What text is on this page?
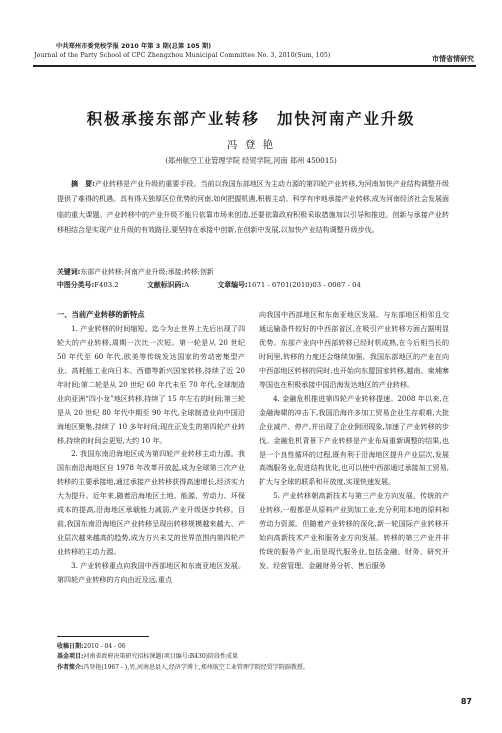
中共郑州市委党校学报 2010 年第 3 期(总第 105 期)
Journal of the Party School of CPC Zhengzhou Municipal Committee No. 3, 2010(Sum, 105)	市情省情研究
积极承接东部产业转移　加快河南产业升级
冯 登 艳
(郑州航空工业管理学院 经贸学院,河南 郑州 450015)
摘　要:产业转移是产业升级的重要手段。当前以我国东部地区为主动力源的第四轮产业转移,为河南加快产业结构调整升级提供了难得的机遇。具有得天独厚区位优势的河南,如何把握机遇,积极主动、科学有序地承接产业转移,成为河南经济社会发展面临的重大课题。产业转移中的产业升级不能只依靠市场来创造,还要依靠政府积极采取措施加以引导和推进。创新与承接产业转移相结合是实现产业升级的有效路径,要坚持在承接中创新,在创新中发展,以加快产业结构调整升级步伐。
关键词:东部产业转移;河南产业升级;承接;转移;创新
中图分类号:F403.2	文献标识码:A	文章编号:1671 - 6701(2010)03 - 0087 - 04
一、当前产业转移的新特点

1. 产业转移的时间缩短。迄今为止世界上先后出现了四轮大的产业转移,周期一次比一次短。第一轮是从 20 世纪 50 年代至 60 年代,欧美等传统发达国家的劳动密集型产业、高耗能工业向日本、西德等新兴国家转移,持续了近 20 年时间;第二轮是从 20 世纪 60 年代末至 70 年代,全球制造业向亚洲“四小龙”地区转移,持续了 15 年左右的时间;第三轮是从 20 世纪 80 年代中期至 90 年代,全球制造业向中国沿海地区聚集,持续了 10 多年时间;现在正发生的第四轮产业转移,持续的时间会更短,大约 10 年。

2. 我国东南沿海地区成为第四轮产业转移主动力源。我国东南沿海地区自 1978 年改革开放起,成为全球第三次产业转移的主要承接地,通过承接产业转移获得高速增长,经济实力大为提升。近年来,随着沿海地区土地、能源、劳动力、环保成本的提高,沿海地区承载能力减弱,产业升级逐步转移。目前,我国东南沿海地区产业转移呈现出转移规模越来越大、产业层次越来越高的趋势,成为方兴未艾的世界范围内第四轮产业转移的主动力源。

3. 产业转移重点向我国中西部地区和东南亚地区发展。第四轮产业转移的方向由近及远,重点

向我国中西部地区和东南亚地区发展。与东部地区相邻且交通运输条件较好的中西部省区,在吸引产业转移方面占据明显优势。东部产业向中西部转移已经时机成熟,在今后相当长的时间里,转移的力度还会继续加强。我国东部地区的产业在向中西部地区转移的同时,也开始向东盟国家转移,越南、柬埔寨等国也在积极承接中国沿海发达地区的产业转移。

4. 金融危机推进第四轮产业转移提速。2008 年以来,在金融海啸的冲击下,我国沿海许多加工贸易企业生存艰难,大批企业减产、停产,并出现了企业倒闭现象,加速了产业转移的步伐。金融危机背景下产业转移是产业布局重新调整的结果,也是一个良性循环的过程,既有利于沿海地区提升产业层次,发展高端服务业,促进结构优化,也可以使中西部通过承接加工贸易,扩大与全球的联系和开放度,实现快速发展。

5. 产业转移朝高新技术与第三产业方向发展。传统的产业转移,一般都是从原料产业到加工业,充分利用本地的原料和劳动力资源。但随着产业转移的深化,新一轮国际产业转移开始向高新技术产业和服务业方向发展。转移的第三产业并非传统的服务产业,而是现代服务业,包括金融、财务、研究开发、经营管理、金融财务分析、售后服务

收稿日期:2010 - 04 - 06
基金项目:河南省政府决策研究招标课题(项目编号:B430)阶段性成果
作者简介:冯登艳(1967 - ),男,河南息县人,经济学博士,郑州航空工业管理学院经贸学院副教授。
87
